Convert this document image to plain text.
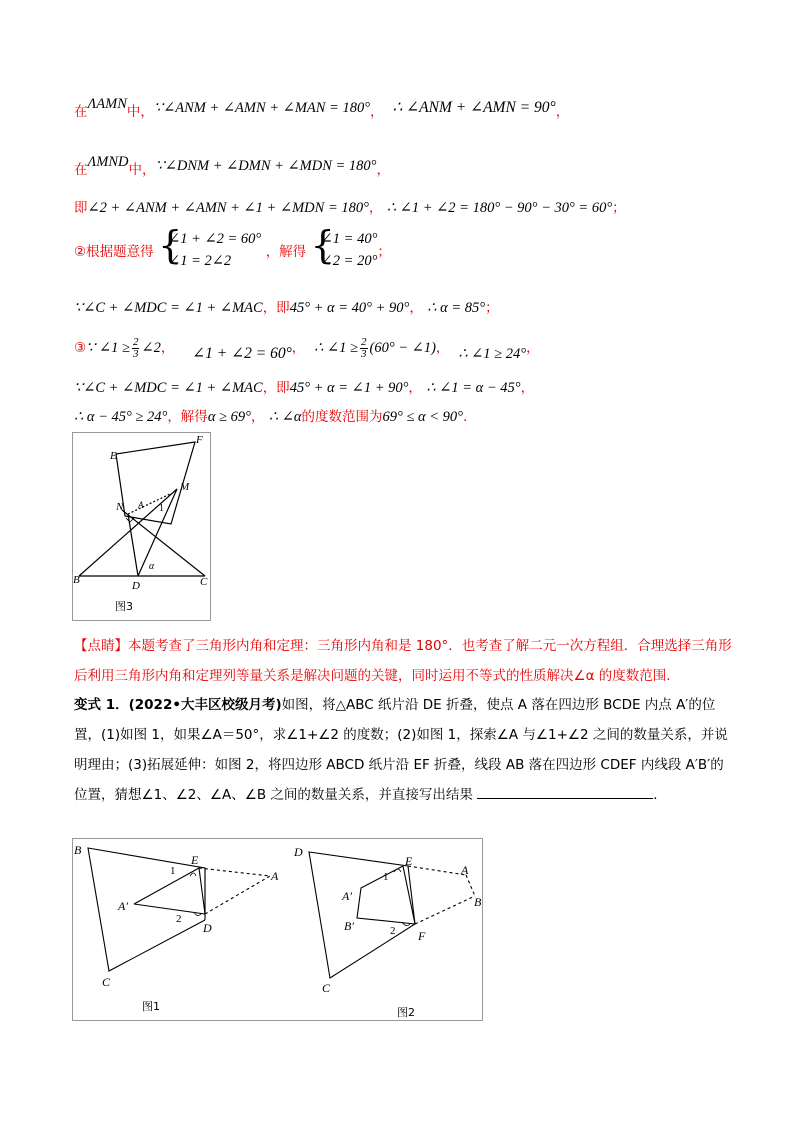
在ΛAMN中，∵∠ANM + ∠AMN + ∠MAN = 180°， ∴ ∠ANM + ∠AMN = 90°，
在ΛMND中，∵∠DNM + ∠DMN + ∠MDN = 180°，
即∠2 + ∠ANM + ∠AMN + ∠1 + ∠MDN = 180°， ∴ ∠1 + ∠2 = 180° − 90° − 30° = 60°；
②根据题意得 {
∠1 + ∠2 = 60°
∠1 = 2∠2
，解得 {
∠1 = 40°
∠2 = 20°
；
∵∠C + ∠MDC = ∠1 + ∠MAC，即45° + α = 40° + 90°， ∴ α = 85°；
③∵ ∠1 ≥ $\frac{2}{3}$ ∠2， ∠1 + ∠2 = 60°， ∴ ∠1 ≥ $\frac{2}{3} (60^\circ$ − ∠1)， ∴ ∠1 ≥ 24°，
∵∠C + ∠MDC = ∠1 + ∠MAC，即45° + α = ∠1 + 90°， ∴ ∠1 = α − 45°，
∴ α − 45° ≥ 24°，解得α ≥ 69°， ∴ ∠α的度数范围为69° ≤ α < 90°.
E
F
M
N A 1
B	D	C
α
图3
【点睛】本题考查了三角形内角和定理：三角形内角和是 180°．也考查了解二元一次方程组．合理选择三角形后利用三角形内角和定理列等量关系是解决问题的关键，同时运用不等式的性质解决∠α 的度数范围.
变式 1．(2022•大丰区校级月考)如图，将△ABC 纸片沿 DE 折叠，使点 A 落在四边形 BCDE 内点 A′的位置，(1)如图 1，如果∠A＝50°，求∠1+∠2 的度数；(2)如图 1，探索∠A 与∠1+∠2 之间的数量关系，并说明理由；(3)拓展延伸：如图 2，将四边形 ABCD 纸片沿 EF 折叠，线段 AB 落在四边形 CDEF 内线段 A′B′的位置，猜想∠1、∠2、∠A、∠B 之间的数量关系，并直接写出结果	．
B
E
1	A
A′
2
D
C
图1
D
E
A
A′
1
B
B′	2 F
C
图2
